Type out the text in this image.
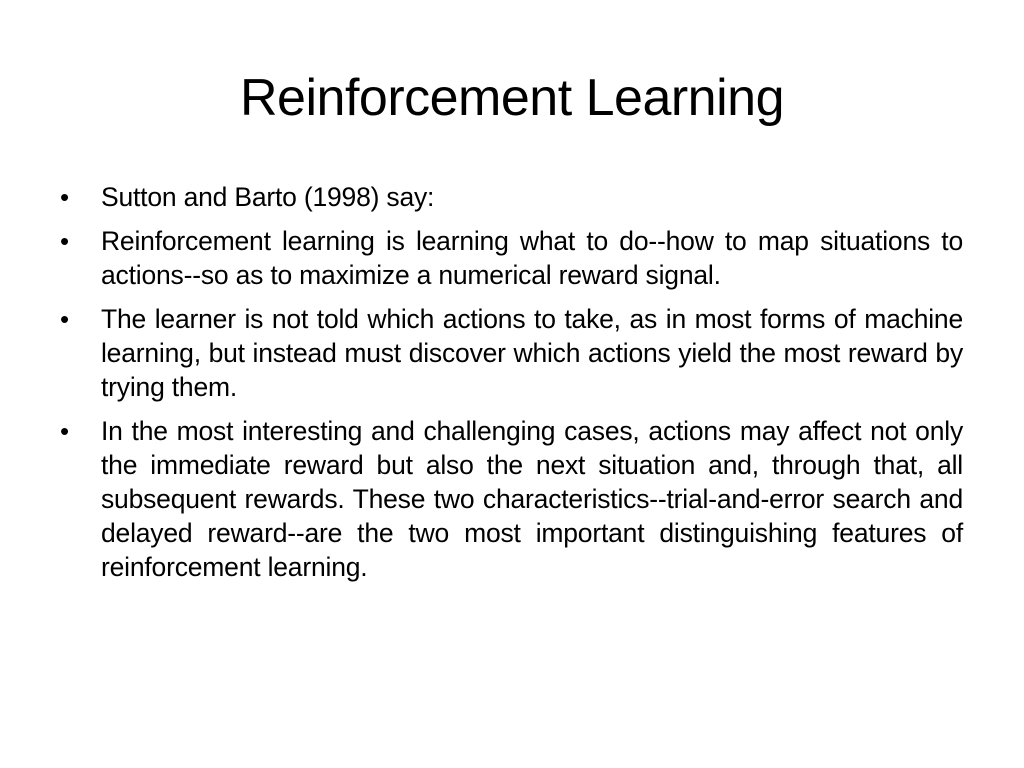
Reinforcement Learning
•	Sutton and Barto (1998) say:
•	Reinforcement learning is learning what to do--how to map situations to actions--so as to maximize a numerical reward signal.
•	The learner is not told which actions to take, as in most forms of machine learning, but instead must discover which actions yield the most reward by trying them.
•	In the most interesting and challenging cases, actions may affect not only the immediate reward but also the next situation and, through that, all subsequent rewards. These two characteristics--trial-and-error search and delayed reward--are the two most important distinguishing features of reinforcement learning.
